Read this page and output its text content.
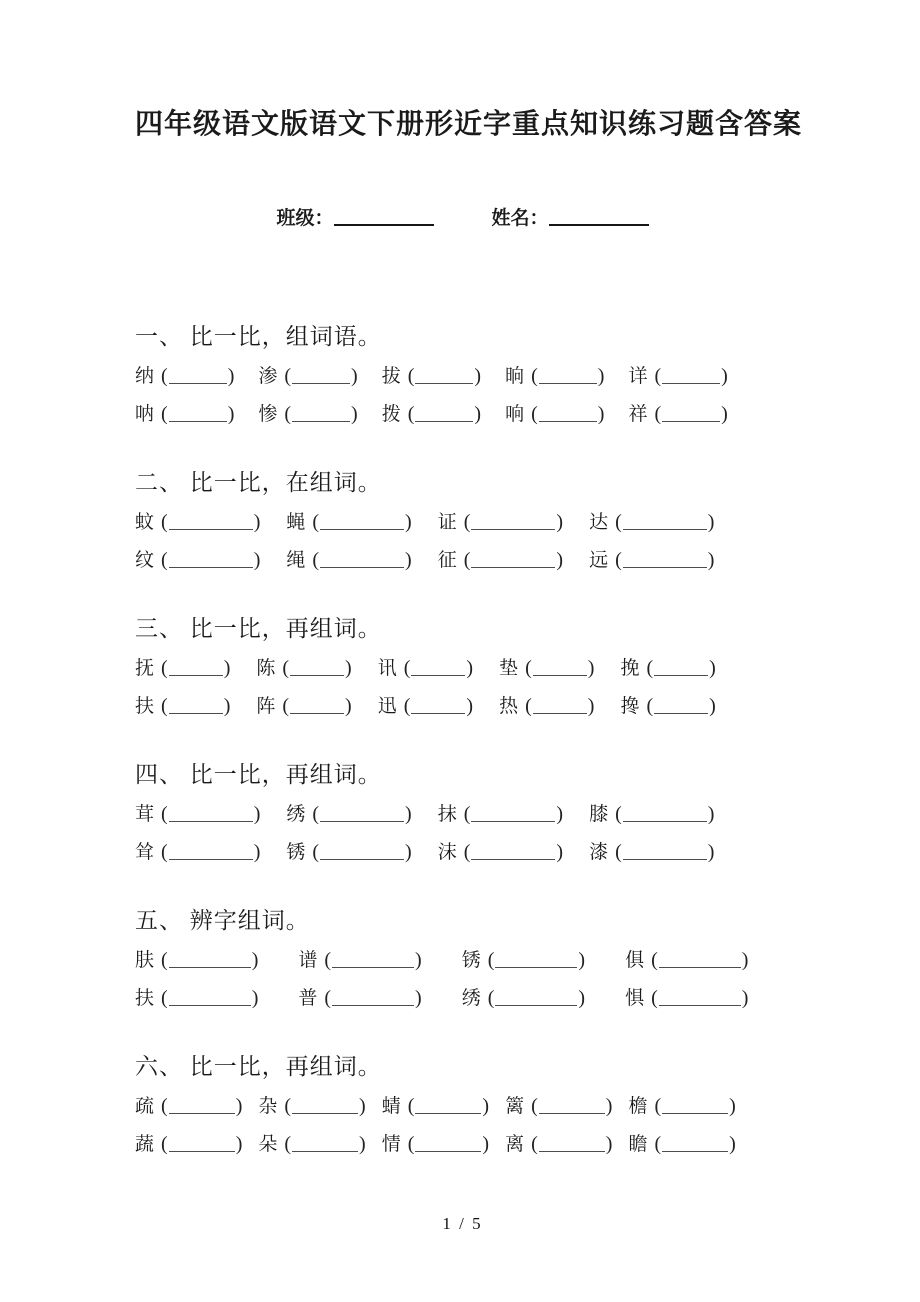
四年级语文版语文下册形近字重点知识练习题含答案
班级：	姓名：
一、 比一比，组词语。
纳 (	) 渗 (	) 拔 (	) 晌 (	) 详 (	)
呐 (	) 惨 (	) 拨 (	) 响 (	) 祥 (	)
二、 比一比，在组词。
蚊 (	) 蝇 (	) 证 (	) 达 (	)
纹 (	) 绳 (	) 征 (	) 远 (	)
三、 比一比，再组词。
抚 (	) 陈 (	) 讯 (	) 垫 (	) 挽 (	)
扶 (	) 阵 (	) 迅 (	) 热 (	) 搀 (	)
四、 比一比，再组词。
茸 (	) 绣 (	) 抹 (	) 膝 (	)
耸 (	) 锈 (	) 沫 (	) 漆 (	)
五、 辨字组词。
肤 (	) 谱 (	) 锈 (	) 俱 (	)
扶 (	) 普 (	) 绣 (	) 惧 (	)
六、 比一比，再组词。
疏 (	) 杂 (	) 蜻 (	) 篱 (	) 檐 (	)
蔬 (	) 朵 (	) 情 (	) 离 (	) 瞻 (	)
1 / 5
